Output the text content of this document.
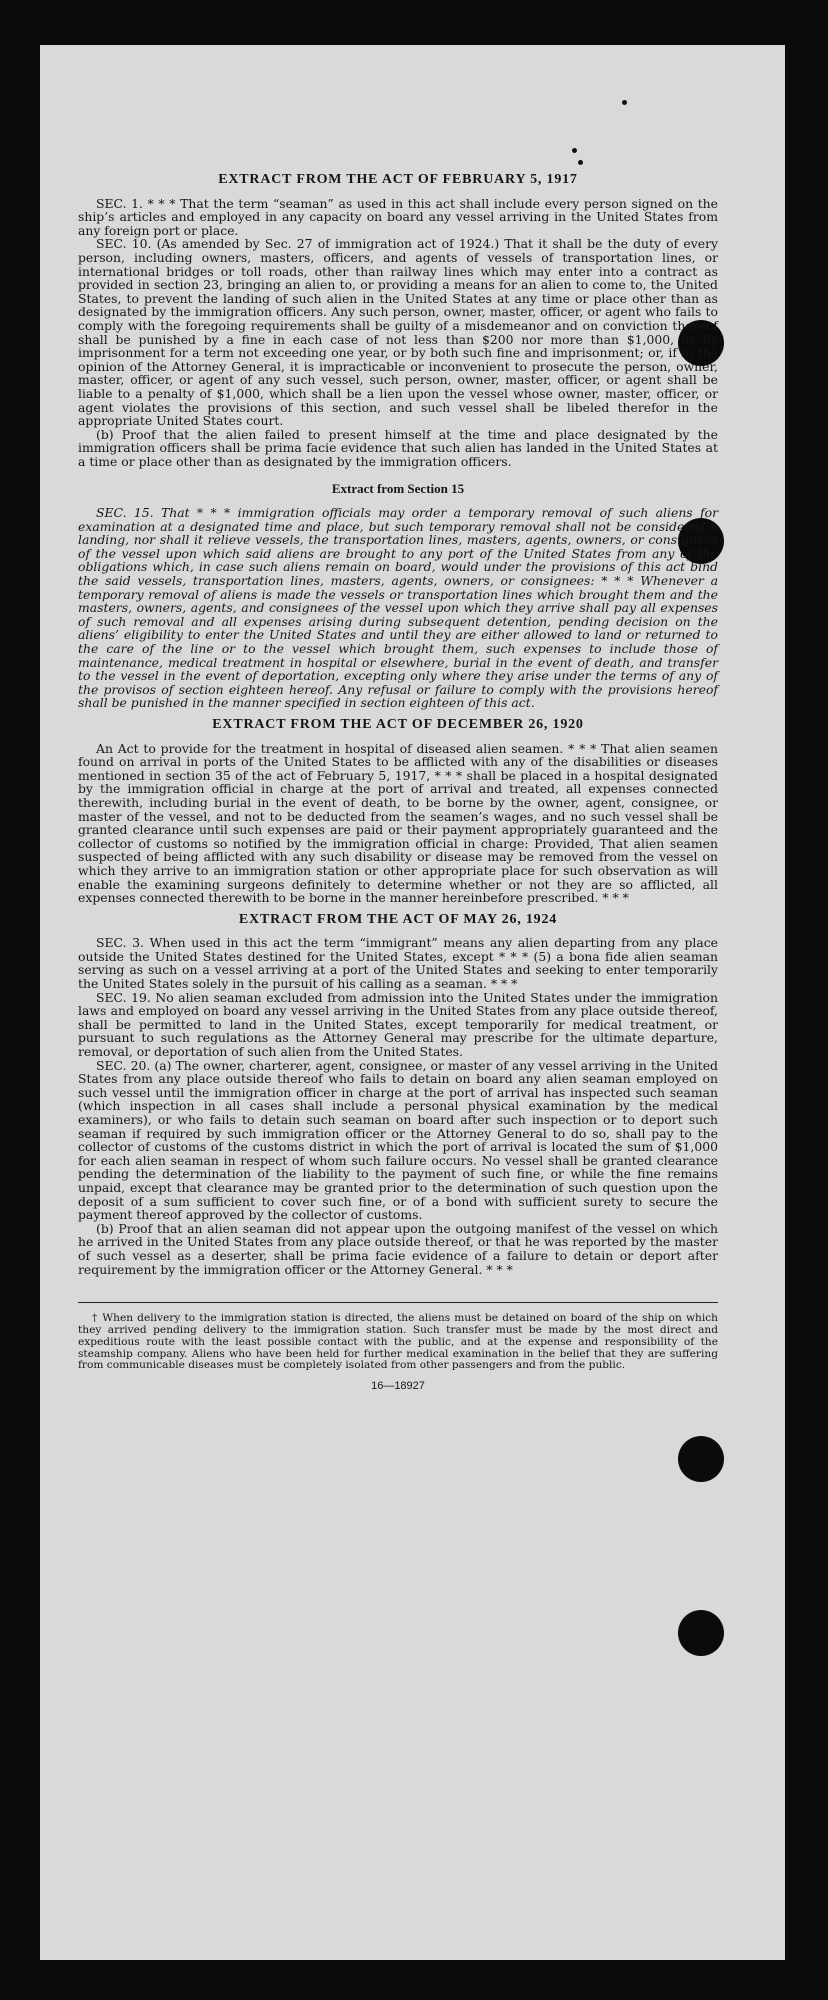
EXTRACT FROM THE ACT OF FEBRUARY 5, 1917

SEC. 1. * * * That the term “seaman” as used in this act shall include every person signed on the ship’s articles and employed in any capacity on board any vessel arriving in the United States from any foreign port or place.

SEC. 10. (As amended by Sec. 27 of immigration act of 1924.) That it shall be the duty of every person, including owners, masters, officers, and agents of vessels of transportation lines, or international bridges or toll roads, other than railway lines which may enter into a contract as provided in section 23, bringing an alien to, or providing a means for an alien to come to, the United States, to prevent the landing of such alien in the United States at any time or place other than as designated by the immigration officers. Any such person, owner, master, officer, or agent who fails to comply with the foregoing requirements shall be guilty of a misdemeanor and on conviction thereof shall be punished by a fine in each case of not less than $200 nor more than $1,000, or by imprisonment for a term not exceeding one year, or by both such fine and imprisonment; or, if in the opinion of the Attorney General, it is impracticable or inconvenient to prosecute the person, owner, master, officer, or agent of any such vessel, such person, owner, master, officer, or agent shall be liable to a penalty of $1,000, which shall be a lien upon the vessel whose owner, master, officer, or agent violates the provisions of this section, and such vessel shall be libeled therefor in the appropriate United States court.

(b) Proof that the alien failed to present himself at the time and place designated by the immigration officers shall be prima facie evidence that such alien has landed in the United States at a time or place other than as designated by the immigration officers.

Extract from Section 15

SEC. 15. That * * * immigration officials may order a temporary removal of such aliens for examination at a designated time and place, but such temporary removal shall not be considered a landing, nor shall it relieve vessels, the transportation lines, masters, agents, owners, or consignees of the vessel upon which said aliens are brought to any port of the United States from any of the obligations which, in case such aliens remain on board, would under the provisions of this act bind the said vessels, transportation lines, masters, agents, owners, or consignees: * * * Whenever a temporary removal of aliens is made the vessels or transportation lines which brought them and the masters, owners, agents, and consignees of the vessel upon which they arrive shall pay all expenses of such removal and all expenses arising during subsequent detention, pending decision on the aliens’ eligibility to enter the United States and until they are either allowed to land or returned to the care of the line or to the vessel which brought them, such expenses to include those of maintenance, medical treatment in hospital or elsewhere, burial in the event of death, and transfer to the vessel in the event of deportation, excepting only where they arise under the terms of any of the provisos of section eighteen hereof. Any refusal or failure to comply with the provisions hereof shall be punished in the manner specified in section eighteen of this act.

EXTRACT FROM THE ACT OF DECEMBER 26, 1920

An Act to provide for the treatment in hospital of diseased alien seamen. * * * That alien seamen found on arrival in ports of the United States to be afflicted with any of the disabilities or diseases mentioned in section 35 of the act of February 5, 1917, * * * shall be placed in a hospital designated by the immigration official in charge at the port of arrival and treated, all expenses connected therewith, including burial in the event of death, to be borne by the owner, agent, consignee, or master of the vessel, and not to be deducted from the seamen’s wages, and no such vessel shall be granted clearance until such expenses are paid or their payment appropriately guaranteed and the collector of customs so notified by the immigration official in charge: Provided, That alien seamen suspected of being afflicted with any such disability or disease may be removed from the vessel on which they arrive to an immigration station or other appropriate place for such observation as will enable the examining surgeons definitely to determine whether or not they are so afflicted, all expenses connected therewith to be borne in the manner hereinbefore prescribed. * * *

EXTRACT FROM THE ACT OF MAY 26, 1924

SEC. 3. When used in this act the term “immigrant” means any alien departing from any place outside the United States destined for the United States, except * * * (5) a bona fide alien seaman serving as such on a vessel arriving at a port of the United States and seeking to enter temporarily the United States solely in the pursuit of his calling as a seaman. * * *

SEC. 19. No alien seaman excluded from admission into the United States under the immigration laws and employed on board any vessel arriving in the United States from any place outside thereof, shall be permitted to land in the United States, except temporarily for medical treatment, or pursuant to such regulations as the Attorney General may prescribe for the ultimate departure, removal, or deportation of such alien from the United States.

SEC. 20. (a) The owner, charterer, agent, consignee, or master of any vessel arriving in the United States from any place outside thereof who fails to detain on board any alien seaman employed on such vessel until the immigration officer in charge at the port of arrival has inspected such seaman (which inspection in all cases shall include a personal physical examination by the medical examiners), or who fails to detain such seaman on board after such inspection or to deport such seaman if required by such immigration officer or the Attorney General to do so, shall pay to the collector of customs of the customs district in which the port of arrival is located the sum of $1,000 for each alien seaman in respect of whom such failure occurs. No vessel shall be granted clearance pending the determination of the liability to the payment of such fine, or while the fine remains unpaid, except that clearance may be granted prior to the determination of such question upon the deposit of a sum sufficient to cover such fine, or of a bond with sufficient surety to secure the payment thereof approved by the collector of customs.

(b) Proof that an alien seaman did not appear upon the outgoing manifest of the vessel on which he arrived in the United States from any place outside thereof, or that he was reported by the master of such vessel as a deserter, shall be prima facie evidence of a failure to detain or deport after requirement by the immigration officer or the Attorney General. * * *

† When delivery to the immigration station is directed, the aliens must be detained on board of the ship on which they arrived pending delivery to the immigration station. Such transfer must be made by the most direct and expeditious route with the least possible contact with the public, and at the expense and responsibility of the steamship company. Aliens who have been held for further medical examination in the belief that they are suffering from communicable diseases must be completely isolated from other passengers and from the public.

16—18927
